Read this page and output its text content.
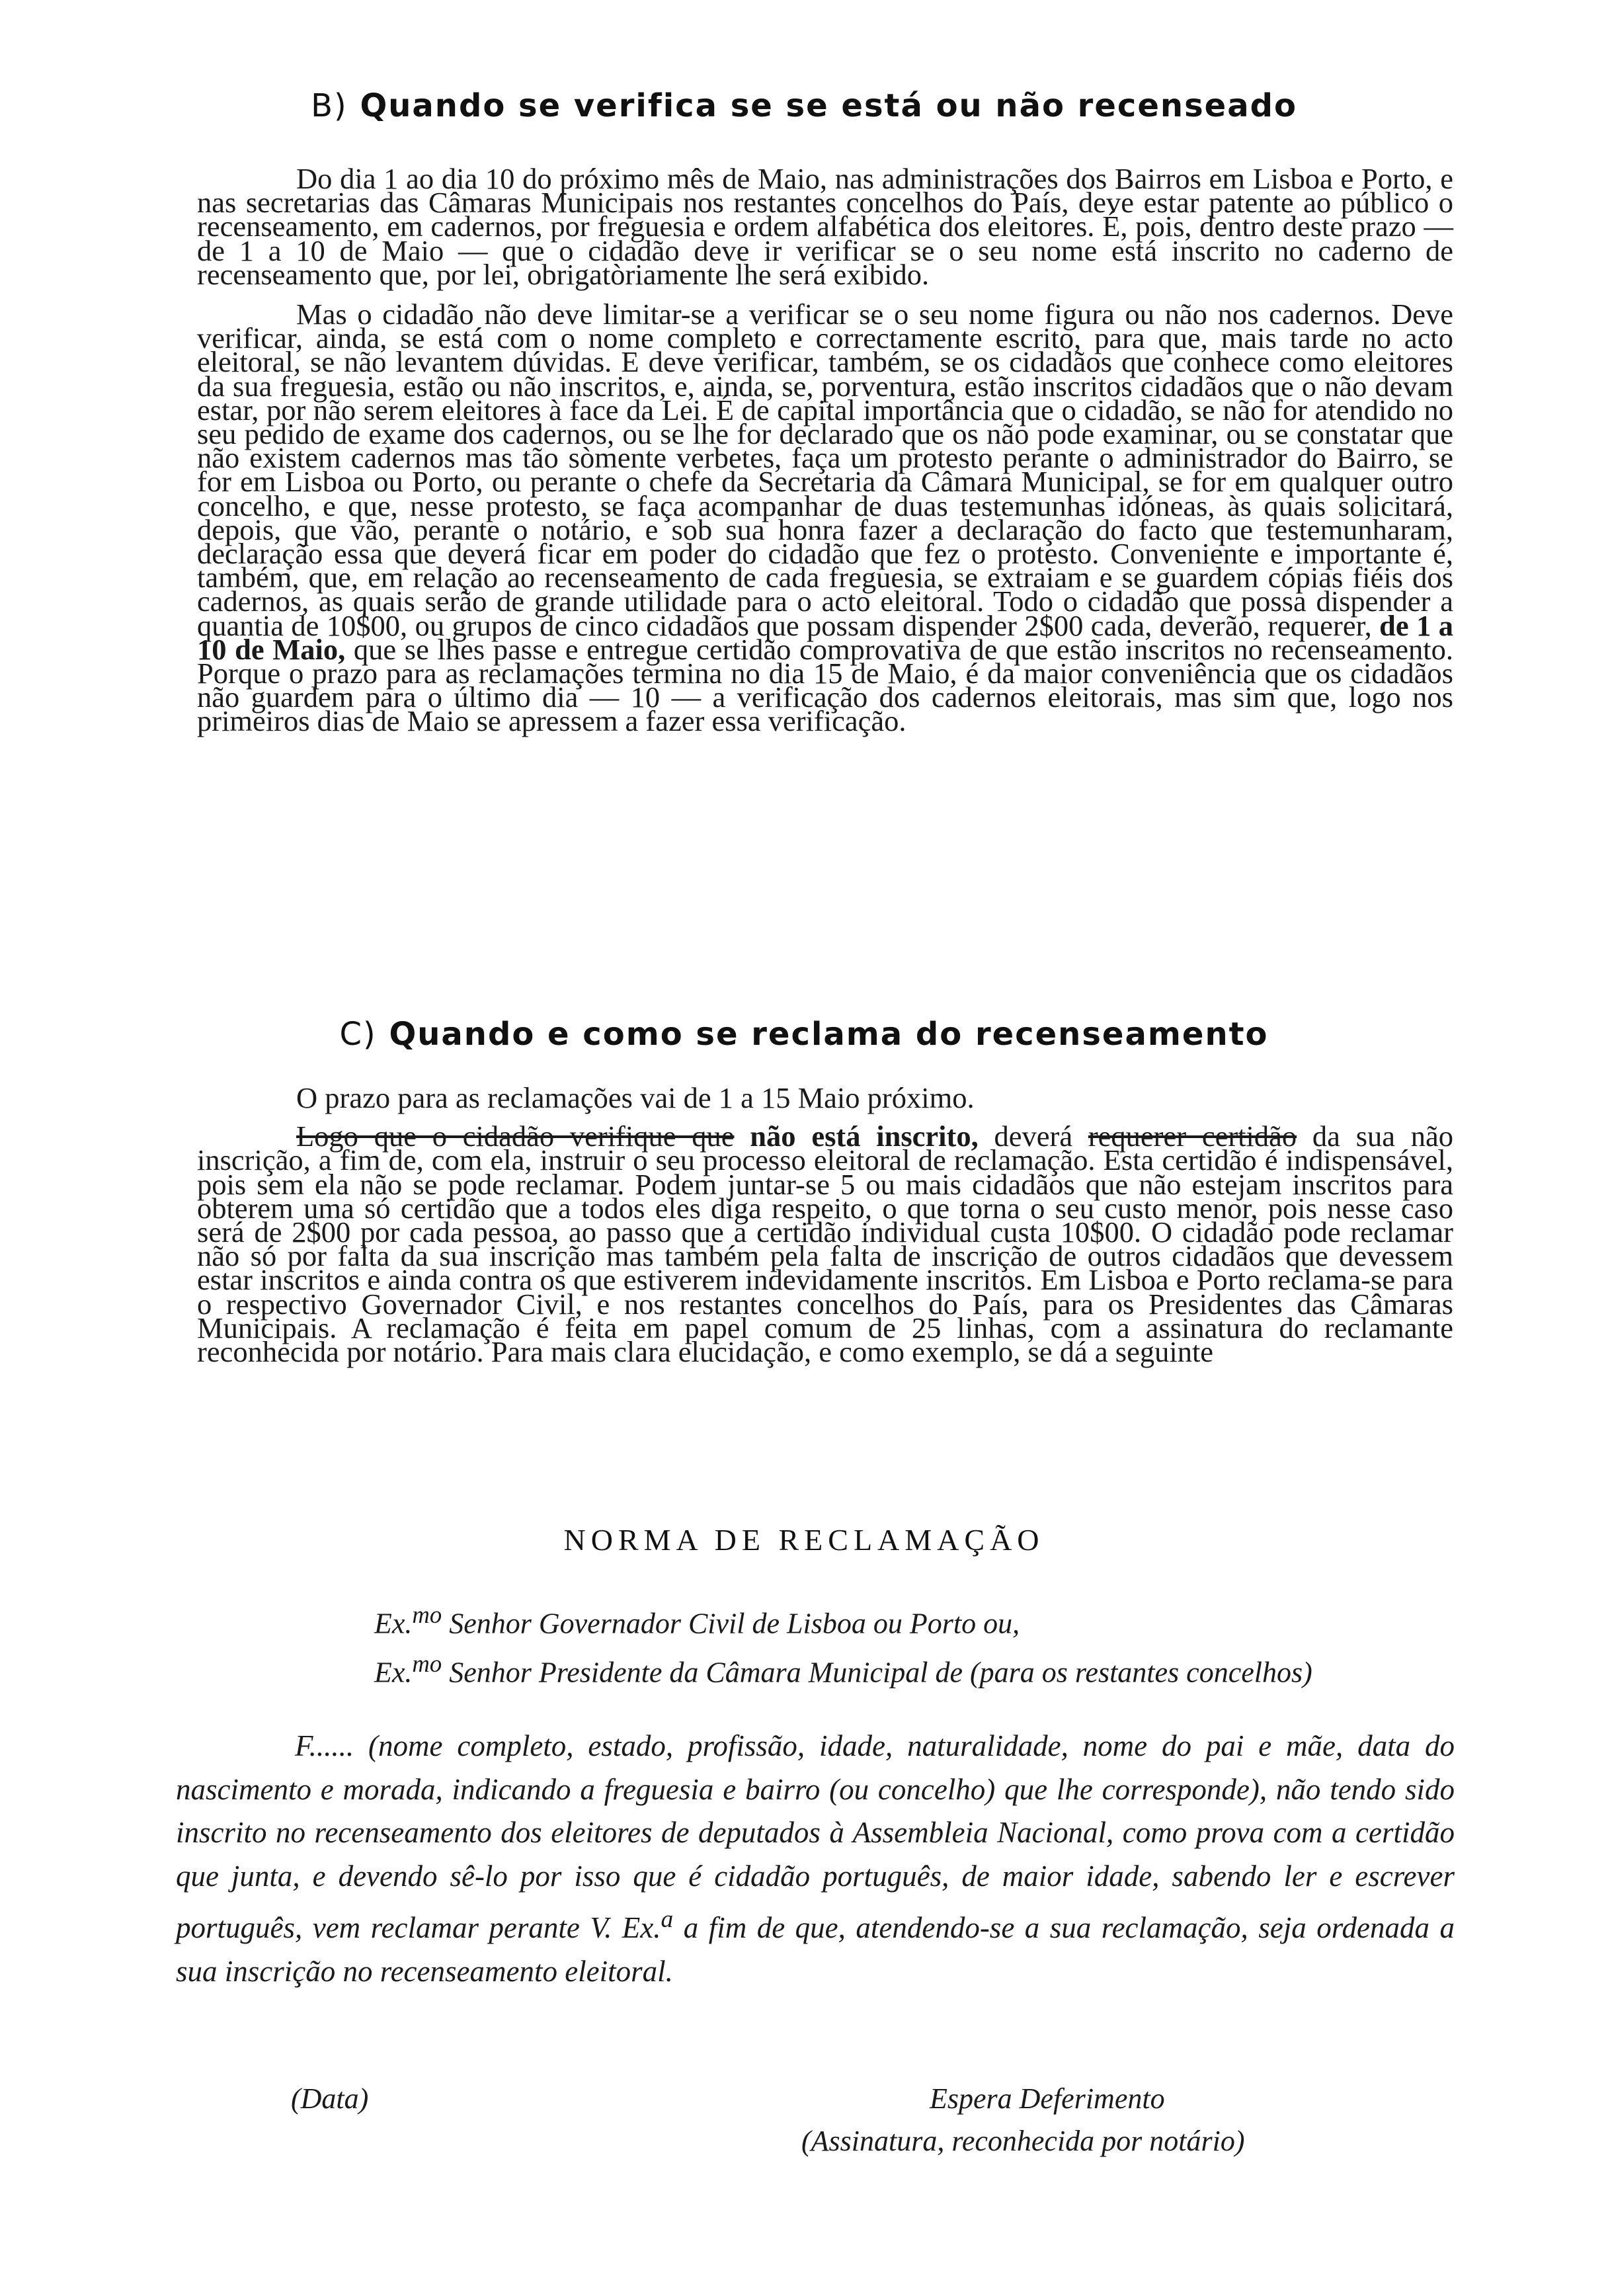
B) Quando se verifica se se está ou não recenseado

Do dia 1 ao dia 10 do próximo mês de Maio, nas administrações dos Bairros em Lisboa e Porto, e nas secretarias das Câmaras Municipais nos restantes concelhos do País, deve estar patente ao público o recenseamento, em cadernos, por freguesia e ordem alfabética dos eleitores. É, pois, dentro deste prazo — de 1 a 10 de Maio — que o cidadão deve ir verificar se o seu nome está inscrito no caderno de recenseamento que, por lei, obrigatòriamente lhe será exibido.

Mas o cidadão não deve limitar-se a verificar se o seu nome figura ou não nos cadernos. Deve verificar, ainda, se está com o nome completo e correctamente escrito, para que, mais tarde no acto eleitoral, se não levantem dúvidas. E deve verificar, também, se os cidadãos que conhece como eleitores da sua freguesia, estão ou não inscritos, e, ainda, se, porventura, estão inscritos cidadãos que o não devam estar, por não serem eleitores à face da Lei. É de capital importância que o cidadão, se não for atendido no seu pedido de exame dos cadernos, ou se lhe for declarado que os não pode examinar, ou se constatar que não existem cadernos mas tão sòmente verbetes, faça um protesto perante o administrador do Bairro, se for em Lisboa ou Porto, ou perante o chefe da Secretaria da Câmara Municipal, se for em qualquer outro concelho, e que, nesse protesto, se faça acompanhar de duas testemunhas idóneas, às quais solicitará, depois, que vão, perante o notário, e sob sua honra fazer a declaração do facto que testemunharam, declaração essa que deverá ficar em poder do cidadão que fez o protesto. Conveniente e importante é, também, que, em relação ao recenseamento de cada freguesia, se extraiam e se guardem cópias fiéis dos cadernos, as quais serão de grande utilidade para o acto eleitoral. Todo o cidadão que possa dispender a quantia de 10$00, ou grupos de cinco cidadãos que possam dispender 2$00 cada, deverão, requerer, de 1 a 10 de Maio, que se lhes passe e entregue certidão comprovativa de que estão inscritos no recenseamento. Porque o prazo para as reclamações termina no dia 15 de Maio, é da maior conveniência que os cidadãos não guardem para o último dia — 10 — a verificação dos cadernos eleitorais, mas sim que, logo nos primeiros dias de Maio se apressem a fazer essa verificação.

C) Quando e como se reclama do recenseamento

O prazo para as reclamações vai de 1 a 15 Maio próximo.

Logo que o cidadão verifique que não está inscrito, deverá requerer certidão da sua não inscrição, a fim de, com ela, instruir o seu processo eleitoral de reclamação. Esta certidão é indispensável, pois sem ela não se pode reclamar. Podem juntar-se 5 ou mais cidadãos que não estejam inscritos para obterem uma só certidão que a todos eles diga respeito, o que torna o seu custo menor, pois nesse caso será de 2$00 por cada pessoa, ao passo que a certidão individual custa 10$00. O cidadão pode reclamar não só por falta da sua inscrição mas também pela falta de inscrição de outros cidadãos que devessem estar inscritos e ainda contra os que estiverem indevidamente inscritos. Em Lisboa e Porto reclama-se para o respectivo Governador Civil, e nos restantes concelhos do País, para os Presidentes das Câmaras Municipais. A reclamação é feita em papel comum de 25 linhas, com a assinatura do reclamante reconhecida por notário. Para mais clara elucidação, e como exemplo, se dá a seguinte

NORMA DE RECLAMAÇÃO
Ex.$^{mo}$ Senhor Governador Civil de Lisboa ou Porto ou,
Ex.$^{mo}$ Senhor Presidente da Câmara Municipal de (para os restantes concelhos)

F...... (nome completo, estado, profissão, idade, naturalidade, nome do pai e mãe, data do nascimento e morada, indicando a freguesia e bairro (ou concelho) que lhe corresponde), não tendo sido inscrito no recenseamento dos eleitores de deputados à Assembleia Nacional, como prova com a certidão que junta, e devendo sê-lo por isso que é cidadão português, de maior idade, sabendo ler e escrever português, vem reclamar perante V. Ex.$^a$ a fim de que, atendendo-se a sua reclamação, seja ordenada a sua inscrição no recenseamento eleitoral.

(Data)	Espera Deferimento
(Assinatura, reconhecida por notário)
